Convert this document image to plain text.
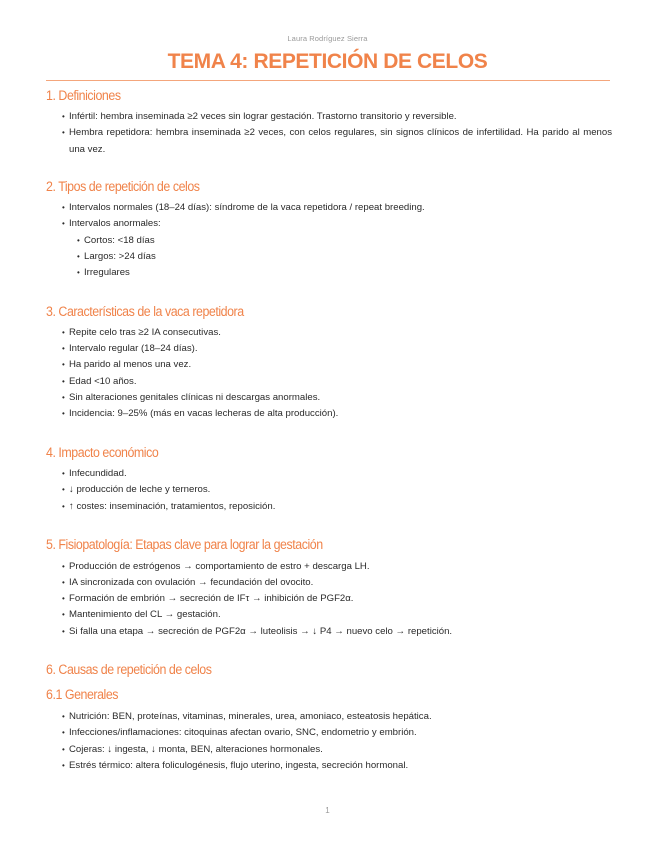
Laura Rodríguez Sierra
TEMA 4: REPETICIÓN DE CELOS
1. Definiciones
• Infértil: hembra inseminada ≥2 veces sin lograr gestación. Trastorno transitorio y reversible.
• Hembra repetidora: hembra inseminada ≥2 veces, con celos regulares, sin signos clínicos de infertilidad. Ha parido al menos una vez.
2. Tipos de repetición de celos
• Intervalos normales (18–24 días): síndrome de la vaca repetidora / repeat breeding.
• Intervalos anormales:
• Cortos: <18 días
• Largos: >24 días
• Irregulares
3. Características de la vaca repetidora
• Repite celo tras ≥2 IA consecutivas.
• Intervalo regular (18–24 días).
• Ha parido al menos una vez.
• Edad <10 años.
• Sin alteraciones genitales clínicas ni descargas anormales.
• Incidencia: 9–25% (más en vacas lecheras de alta producción).
4. Impacto económico
• Infecundidad.
• ↓ producción de leche y terneros.
• ↑ costes: inseminación, tratamientos, reposición.
5. Fisiopatología: Etapas clave para lograr la gestación
• Producción de estrógenos → comportamiento de estro + descarga LH.
• IA sincronizada con ovulación → fecundación del ovocito.
• Formación de embrión → secreción de IFτ → inhibición de PGF2α.
• Mantenimiento del CL → gestación.
• Si falla una etapa → secreción de PGF2α → luteolisis → ↓ P4 → nuevo celo → repetición.
6. Causas de repetición de celos
6.1 Generales
• Nutrición: BEN, proteínas, vitaminas, minerales, urea, amoniaco, esteatosis hepática.
• Infecciones/inflamaciones: citoquinas afectan ovario, SNC, endometrio y embrión.
• Cojeras: ↓ ingesta, ↓ monta, BEN, alteraciones hormonales.
• Estrés térmico: altera foliculogénesis, flujo uterino, ingesta, secreción hormonal.
1
